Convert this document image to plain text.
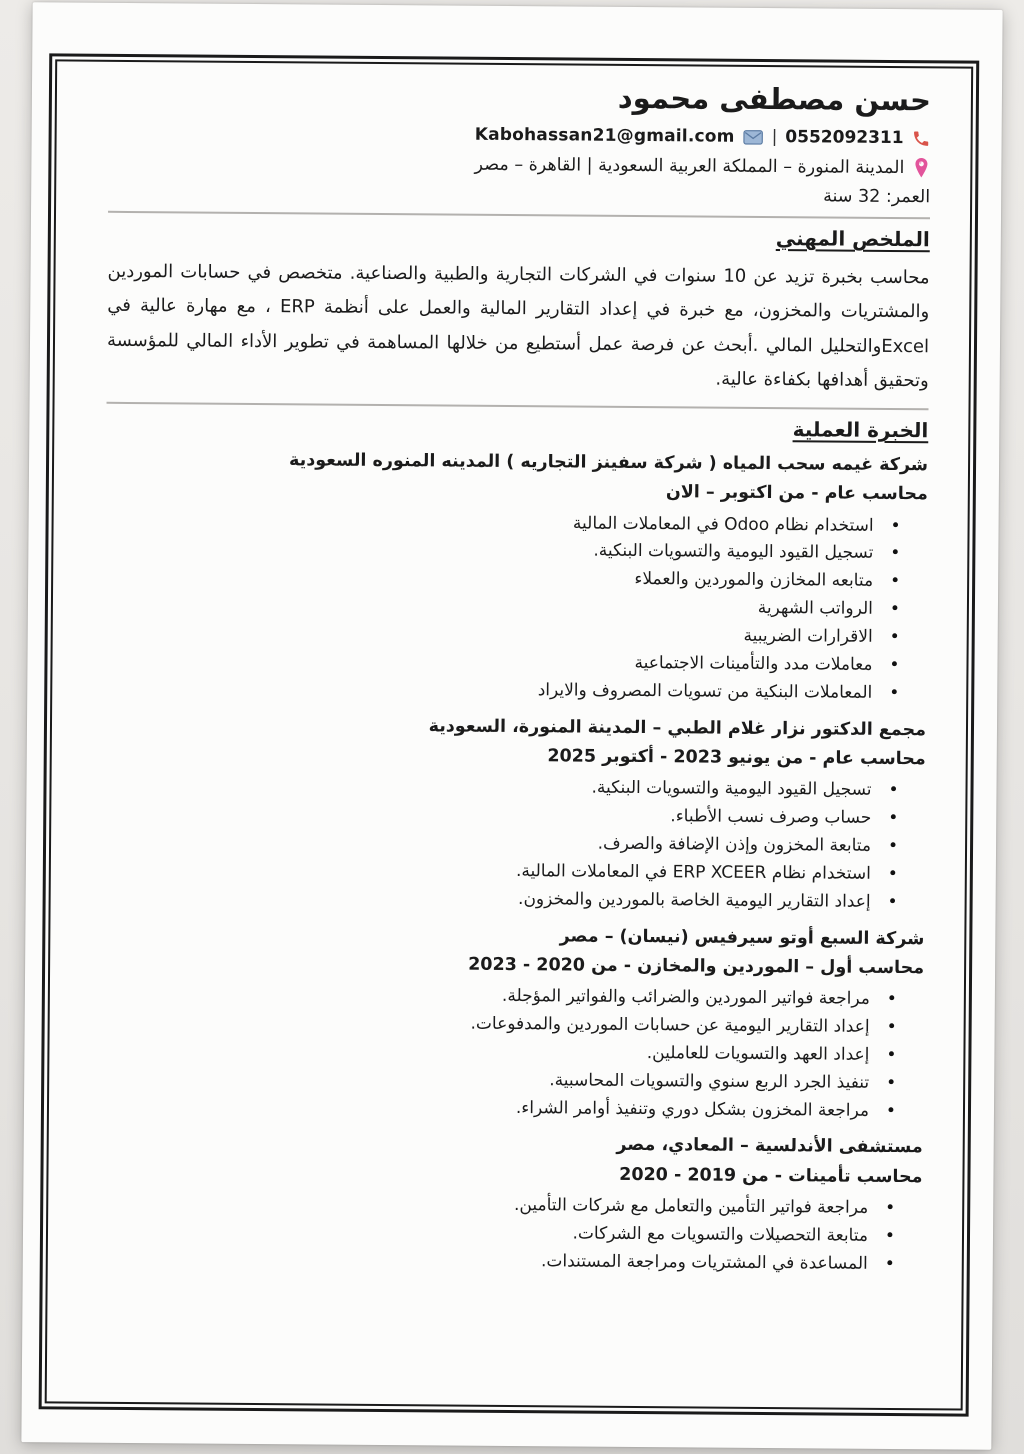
حسن مصطفى محمود
Kabohassan21@gmail.com | 0552092311
المدينة المنورة – المملكة العربية السعودية | القاهرة – مصر
العمر: 32 سنة
الملخص المهني

محاسب بخبرة تزيد عن 10 سنوات في الشركات التجارية والطبية والصناعية. متخصص في حسابات الموردين والمشتريات والمخزون، مع خبرة في إعداد التقارير المالية والعمل على أنظمة ERP ، مع مهارة عالية في Excelوالتحليل المالي .أبحث عن فرصة عمل أستطيع من خلالها المساهمة في تطوير الأداء المالي للمؤسسة وتحقيق أهدافها بكفاءة عالية.

الخبرة العملية
شركة غيمه سحب المياه ( شركة سفينز التجاريه ) المدينه المنوره السعودية
محاسب عام - من اكتوبر – الان
• استخدام نظام Odoo في المعاملات المالية
• تسجيل القيود اليومية والتسويات البنكية.
• متابعه المخازن والموردين والعملاء
• الرواتب الشهرية
• الاقرارات الضريبية
• معاملات مدد والتأمينات الاجتماعية
• المعاملات البنكية من تسويات المصروف والايراد
مجمع الدكتور نزار غلام الطبي – المدينة المنورة، السعودية
محاسب عام - من يونيو 2023 - أكتوبر 2025
• تسجيل القيود اليومية والتسويات البنكية.
• حساب وصرف نسب الأطباء.
• متابعة المخزون وإذن الإضافة والصرف.
• استخدام نظام ERP XCEER في المعاملات المالية.
• إعداد التقارير اليومية الخاصة بالموردين والمخزون.
شركة السبع أوتو سيرفيس (نيسان) – مصر
محاسب أول – الموردين والمخازن - من 2020 - 2023
• مراجعة فواتير الموردين والضرائب والفواتير المؤجلة.
• إعداد التقارير اليومية عن حسابات الموردين والمدفوعات.
• إعداد العهد والتسويات للعاملين.
• تنفيذ الجرد الربع سنوي والتسويات المحاسبية.
• مراجعة المخزون بشكل دوري وتنفيذ أوامر الشراء.
مستشفى الأندلسية – المعادي، مصر
محاسب تأمينات - من 2019 - 2020
• مراجعة فواتير التأمين والتعامل مع شركات التأمين.
• متابعة التحصيلات والتسويات مع الشركات.
• المساعدة في المشتريات ومراجعة المستندات.
